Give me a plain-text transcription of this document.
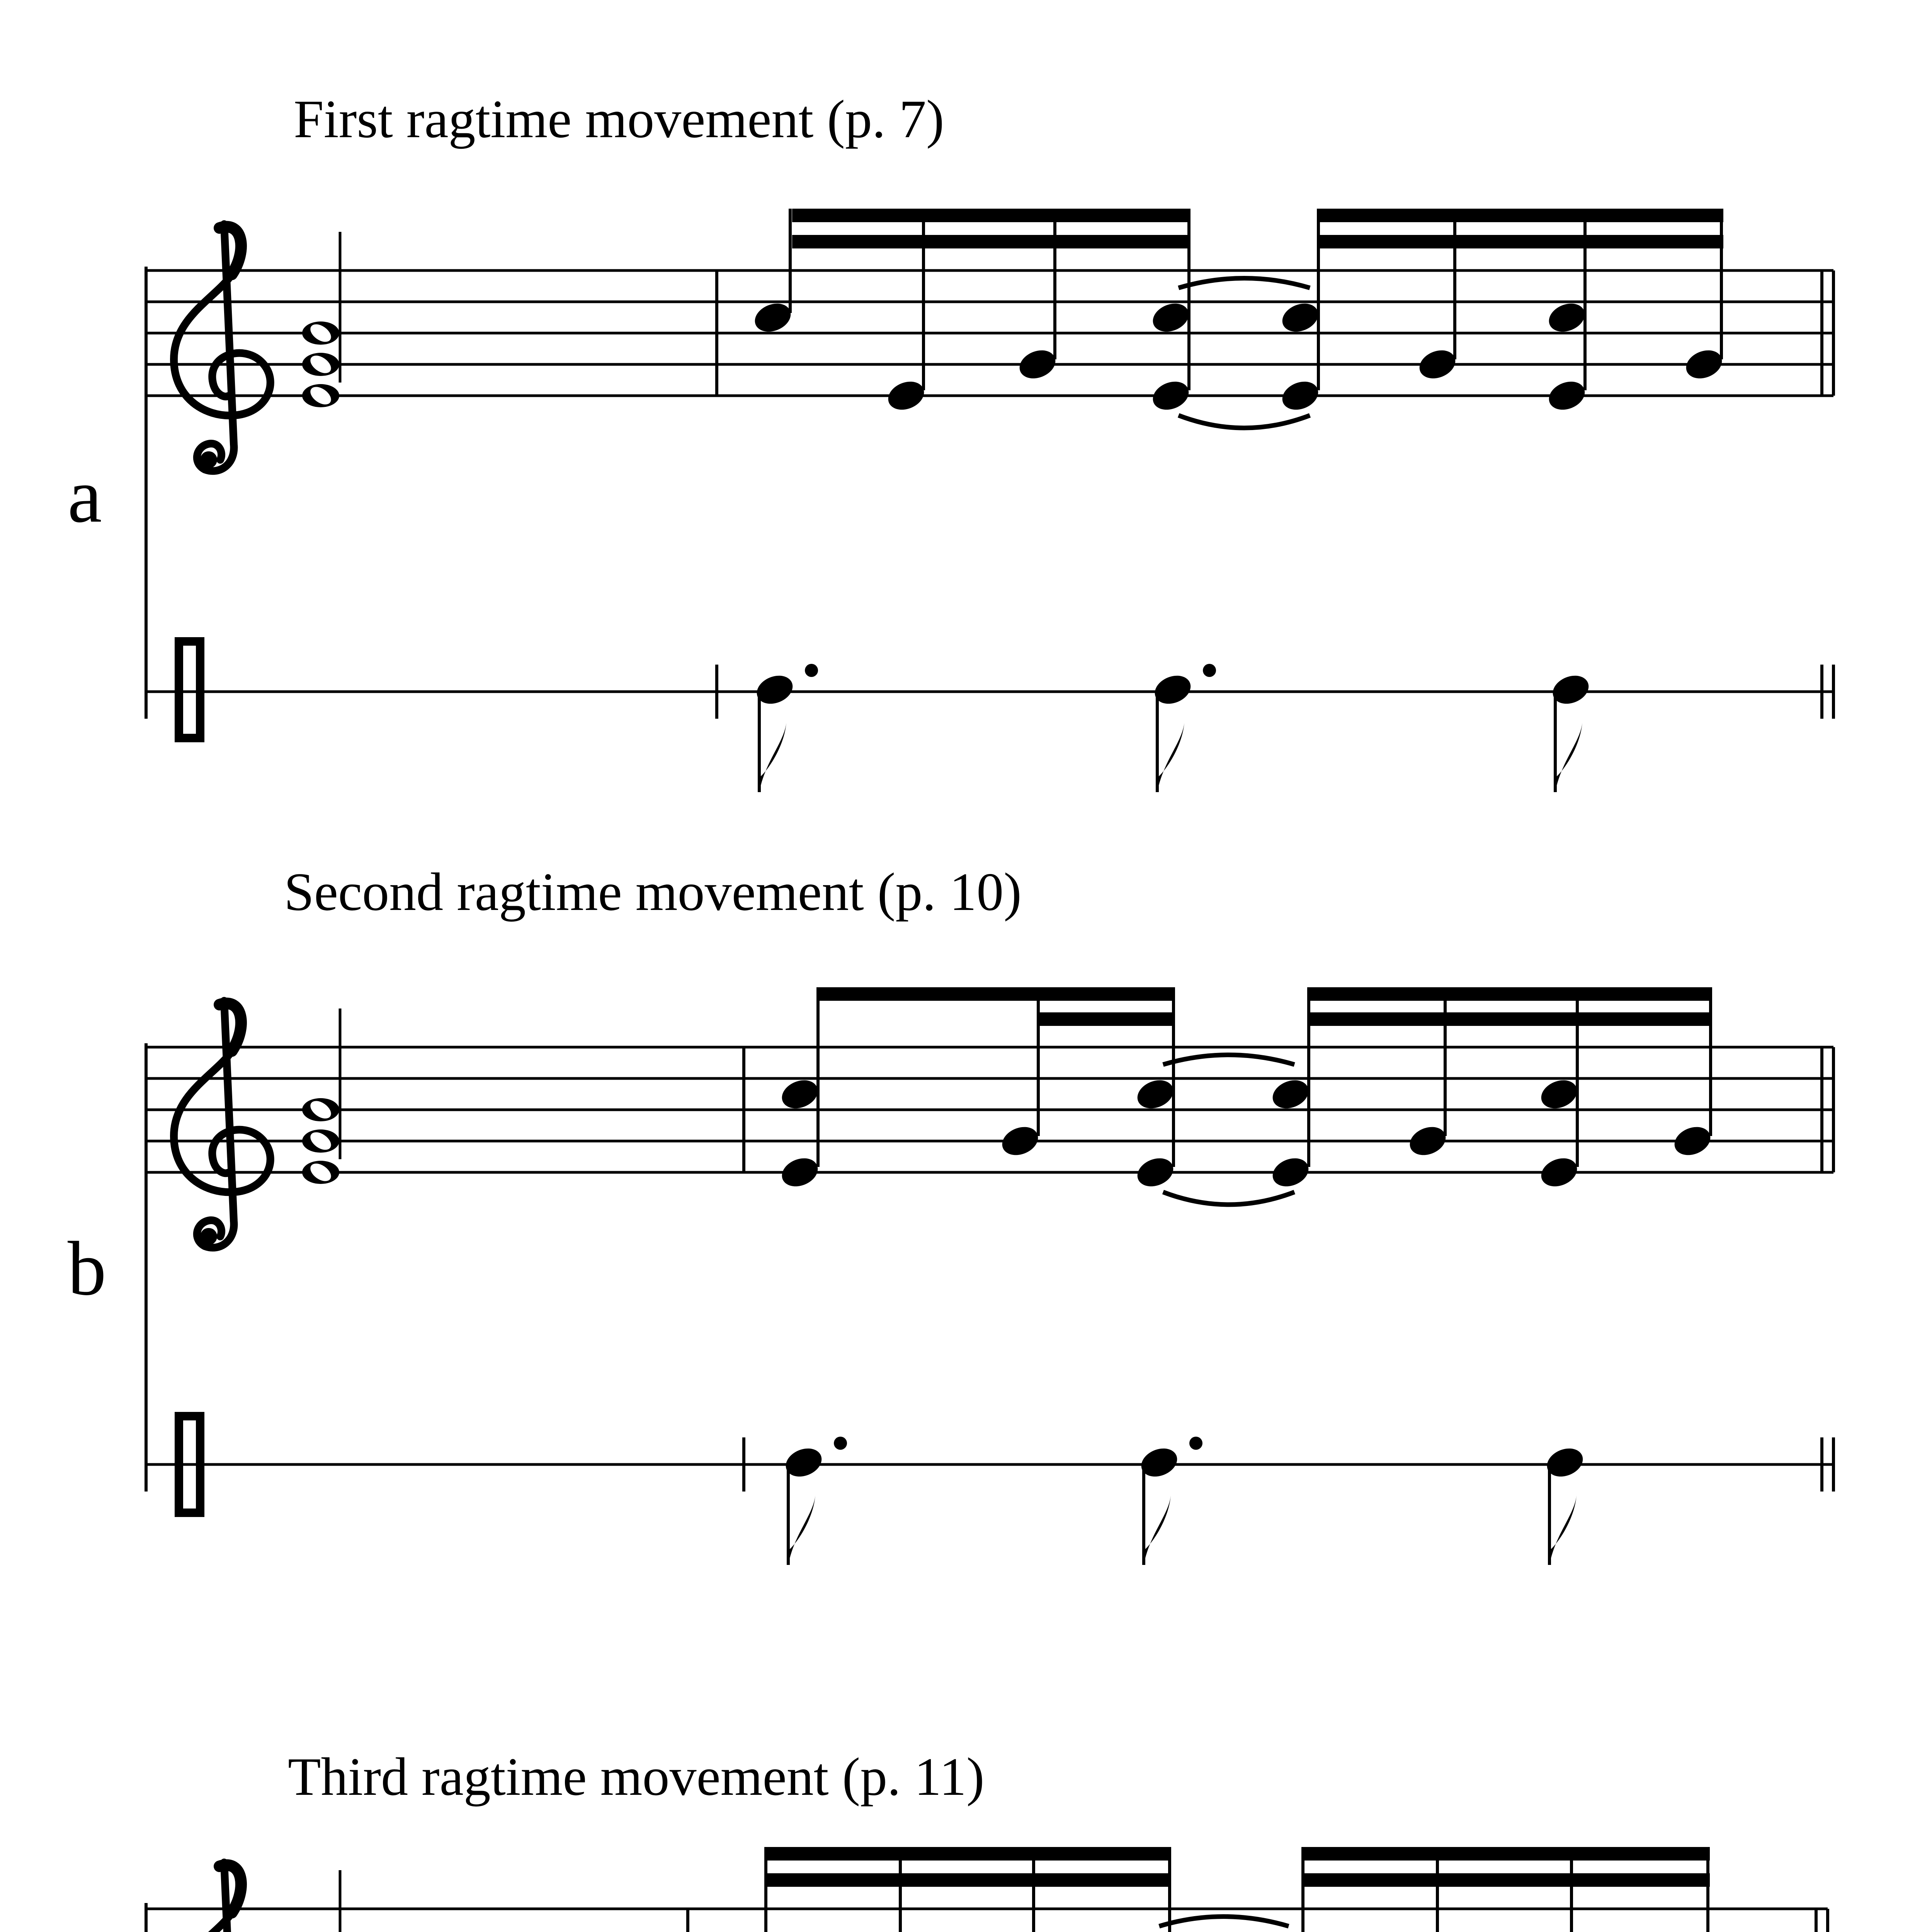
First ragtime movement (p. 7)
a
Second ragtime movement (p. 10)
b
Third ragtime movement (p. 11)
